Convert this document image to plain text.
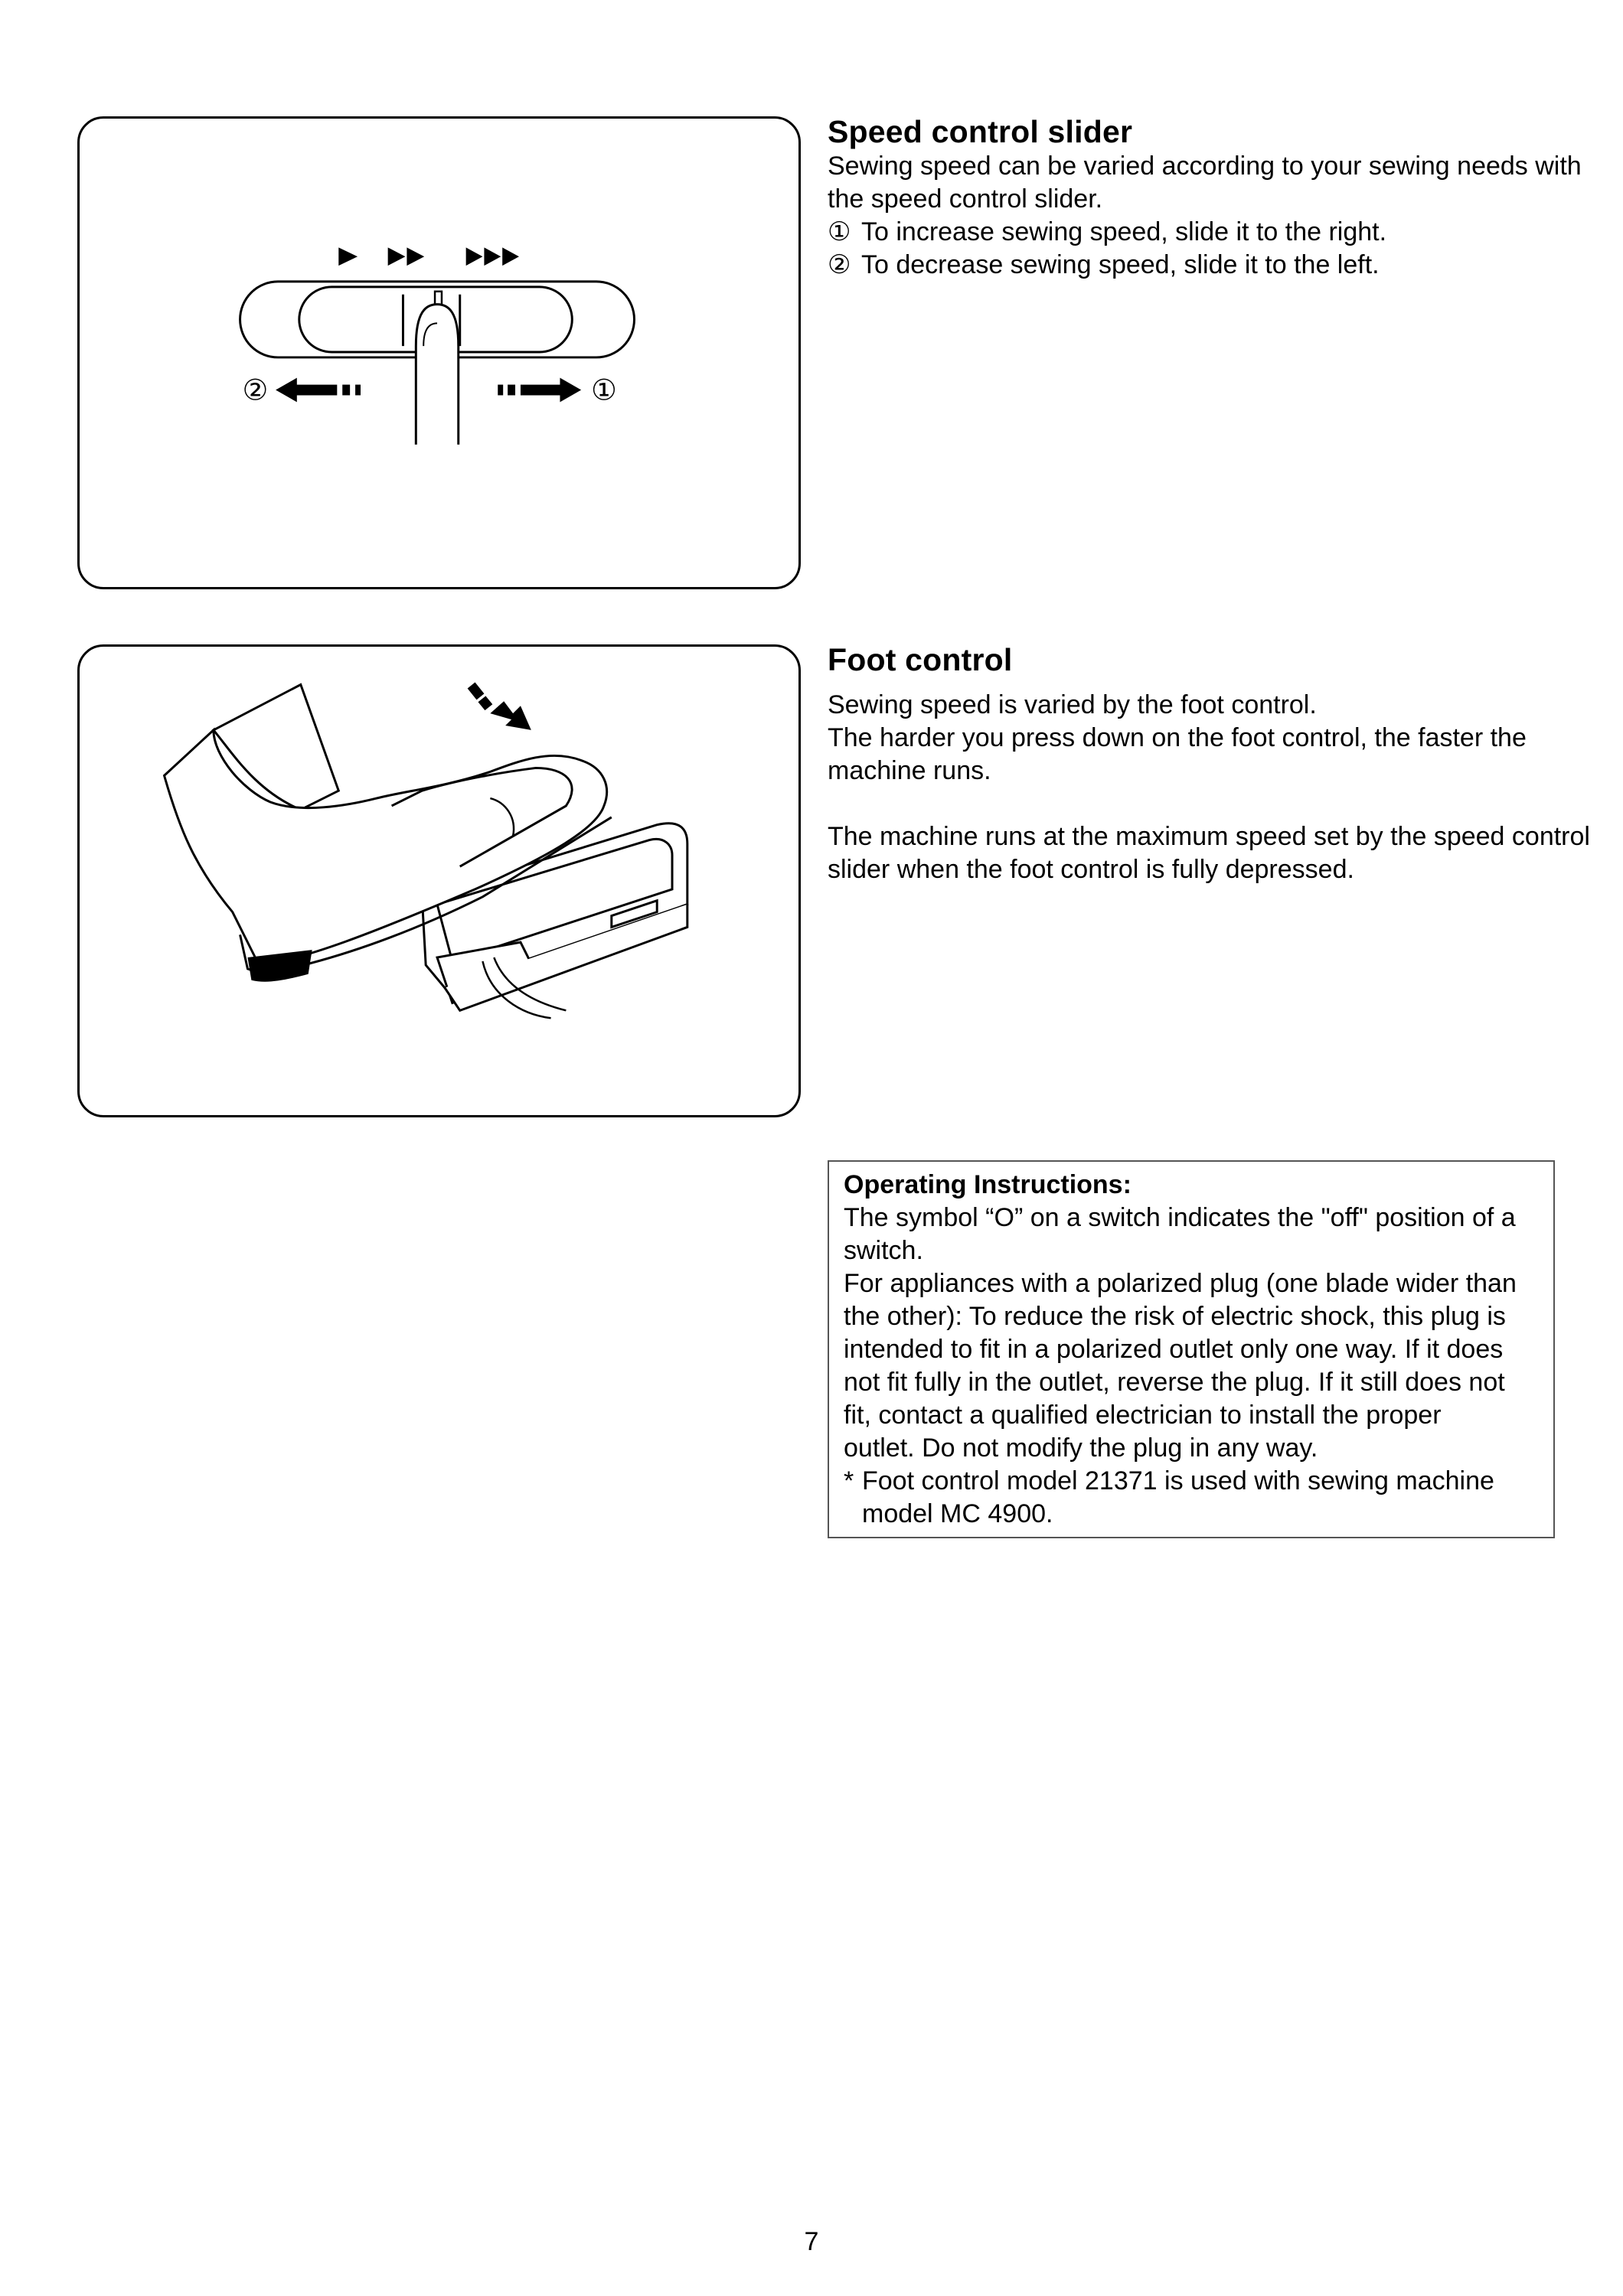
②	①
Speed control slider

Sewing speed can be varied according to your sewing needs with the speed control slider.

① To increase sewing speed, slide it to the right.

② To decrease sewing speed, slide it to the left.

Foot control

Sewing speed is varied by the foot control.

The harder you press down on the foot control, the faster the machine runs.

The machine runs at the maximum speed set by the speed control slider when the foot control is fully depressed.

Operating Instructions:
The symbol “O” on a switch indicates the "off" position of a
switch.
For appliances with a polarized plug (one blade wider than
the other): To reduce the risk of electric shock, this plug is
intended to fit in a polarized outlet only one way. If it does
not fit fully in the outlet, reverse the plug. If it still does not
fit, contact a qualified electrician to install the proper
outlet. Do not modify the plug in any way.
* Foot control model 21371 is used with sewing machine model MC 4900.
7
